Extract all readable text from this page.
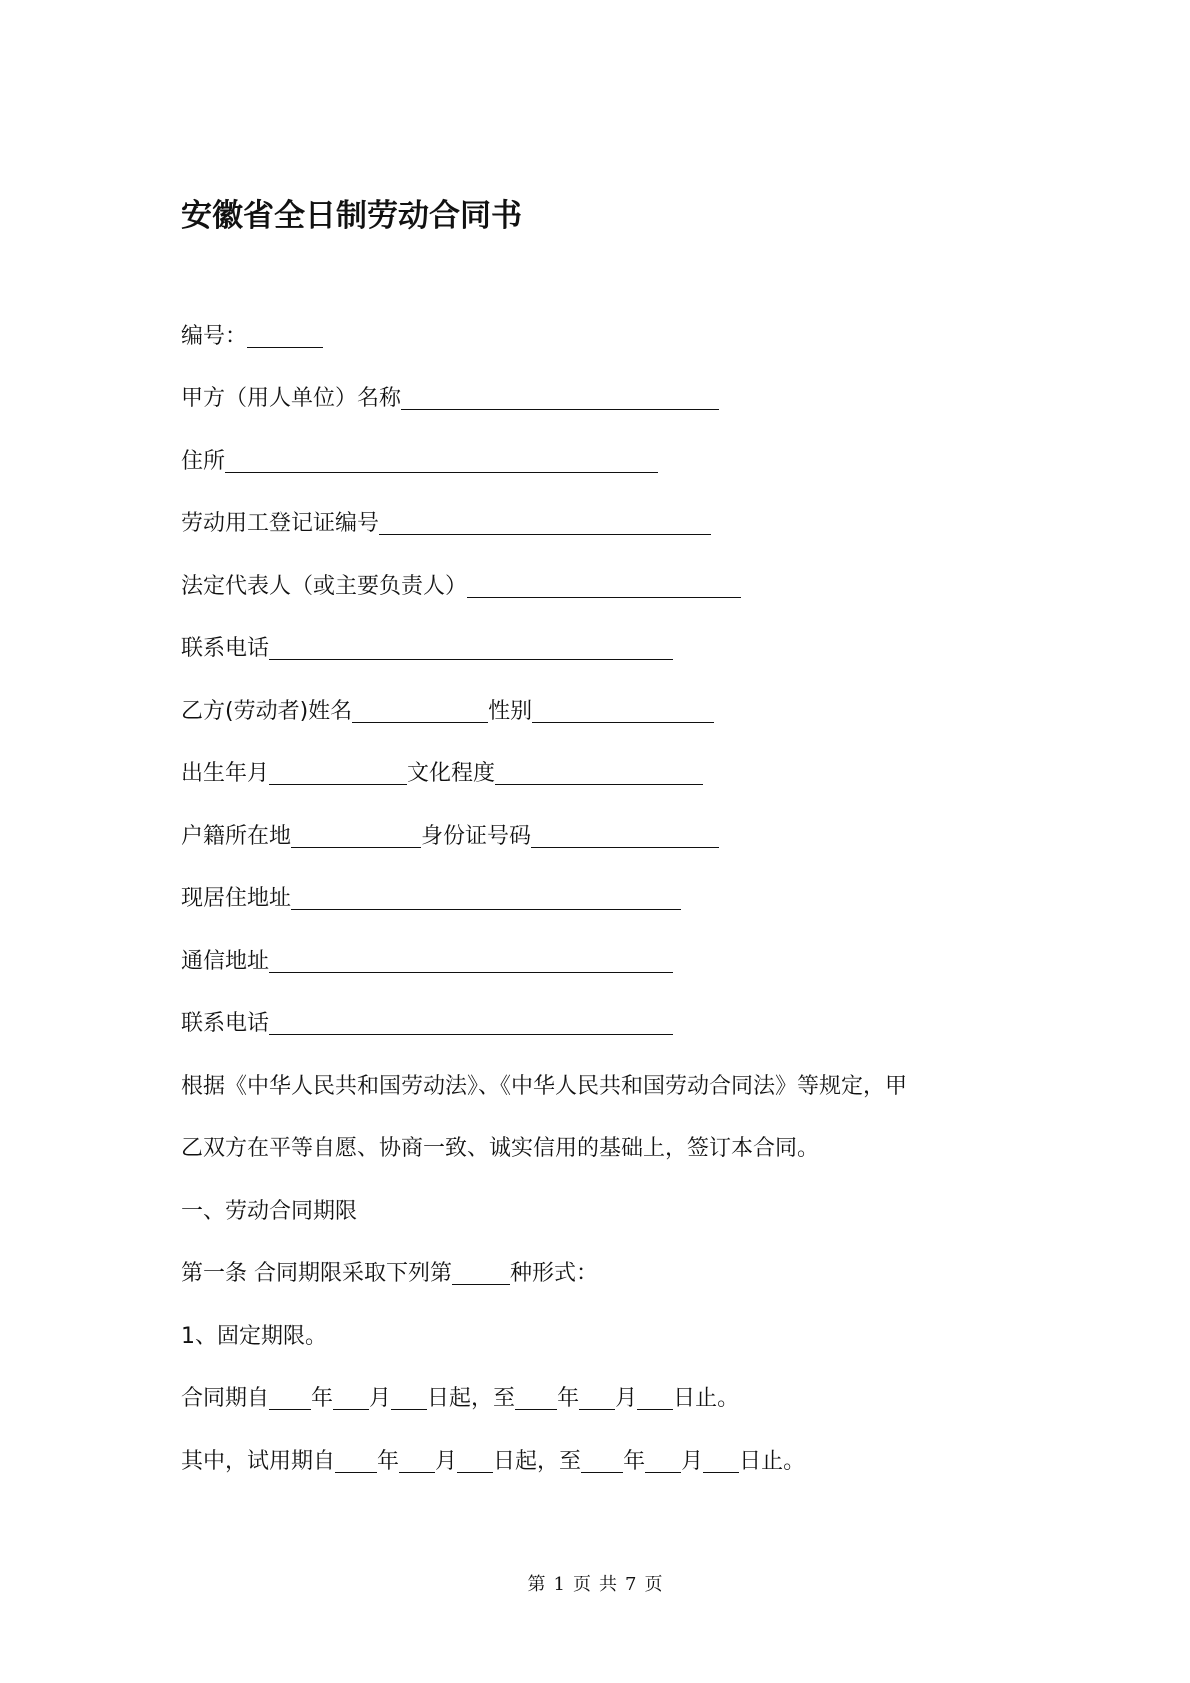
安徽省全日制劳动合同书
编号：
甲方（用人单位）名称
住所
劳动用工登记证编号
法定代表人（或主要负责人）
联系电话
乙方(劳动者)姓名	性别
出生年月	文化程度
户籍所在地	身份证号码
现居住地址
通信地址
联系电话
根据《中华人民共和国劳动法》、《中华人民共和国劳动合同法》等规定，甲
乙双方在平等自愿、协商一致、诚实信用的基础上，签订本合同。
一、劳动合同期限
第一条 合同期限采取下列第	种形式：
1、固定期限。
合同期自 年 月 日起，至 年 月 日止。
其中，试用期自 年 月 日起，至 年 月 日止。
第 1 页 共 7 页
